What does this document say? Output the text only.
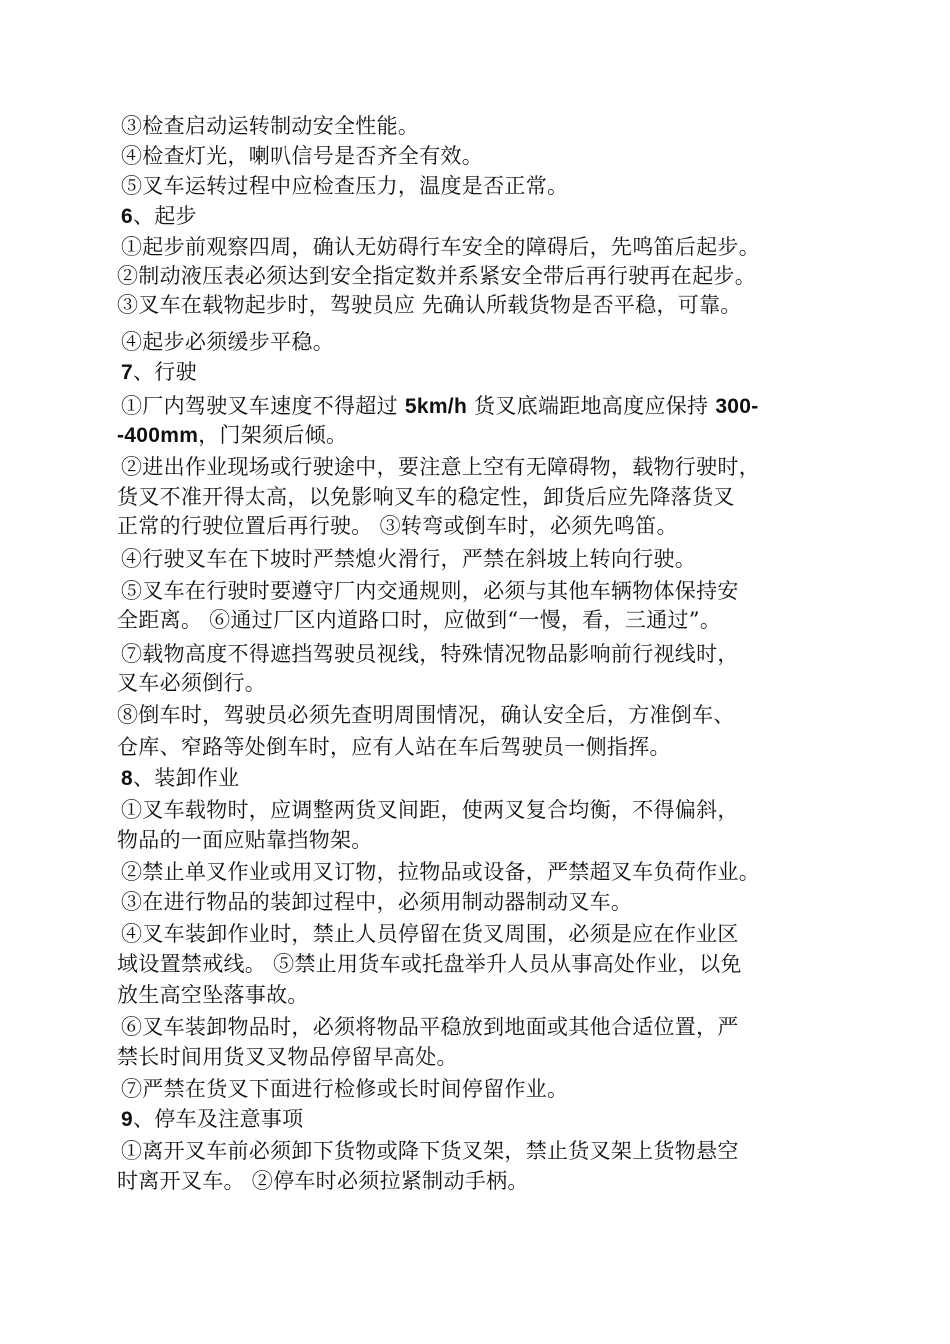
③检查启动运转制动安全性能。
④检查灯光，喇叭信号是否齐全有效。
⑤叉车运转过程中应检查压力，温度是否正常。
6、起步
①起步前观察四周，确认无妨碍行车安全的障碍后，先鸣笛后起步。
②制动液压表必须达到安全指定数并系紧安全带后再行驶再在起步。
③叉车在载物起步时，驾驶员应 先确认所载货物是否平稳，可靠。
④起步必须缓步平稳。
7、行驶
①厂内驾驶叉车速度不得超过 5km/h 货叉底端距地高度应保持 300-
-400mm，门架须后倾。
②进出作业现场或行驶途中，要注意上空有无障碍物，载物行驶时，
货叉不准开得太高，以免影响叉车的稳定性，卸货后应先降落货叉
正常的行驶位置后再行驶。 ③转弯或倒车时，必须先鸣笛。
④行驶叉车在下坡时严禁熄火滑行，严禁在斜坡上转向行驶。
⑤叉车在行驶时要遵守厂内交通规则，必须与其他车辆物体保持安
全距离。 ⑥通过厂区内道路口时，应做到“一慢，看，三通过”。
⑦载物高度不得遮挡驾驶员视线，特殊情况物品影响前行视线时，
叉车必须倒行。
⑧倒车时，驾驶员必须先查明周围情况，确认安全后，方准倒车、
仓库、窄路等处倒车时，应有人站在车后驾驶员一侧指挥。
8、装卸作业
①叉车载物时，应调整两货叉间距，使两叉复合均衡，不得偏斜，
物品的一面应贴靠挡物架。
②禁止单叉作业或用叉订物，拉物品或设备，严禁超叉车负荷作业。
③在进行物品的装卸过程中，必须用制动器制动叉车。
④叉车装卸作业时，禁止人员停留在货叉周围，必须是应在作业区
域设置禁戒线。 ⑤禁止用货车或托盘举升人员从事高处作业，以免
放生高空坠落事故。
⑥叉车装卸物品时，必须将物品平稳放到地面或其他合适位置，严
禁长时间用货叉叉物品停留早高处。
⑦严禁在货叉下面进行检修或长时间停留作业。
9、停车及注意事项
①离开叉车前必须卸下货物或降下货叉架，禁止货叉架上货物悬空
时离开叉车。 ②停车时必须拉紧制动手柄。
